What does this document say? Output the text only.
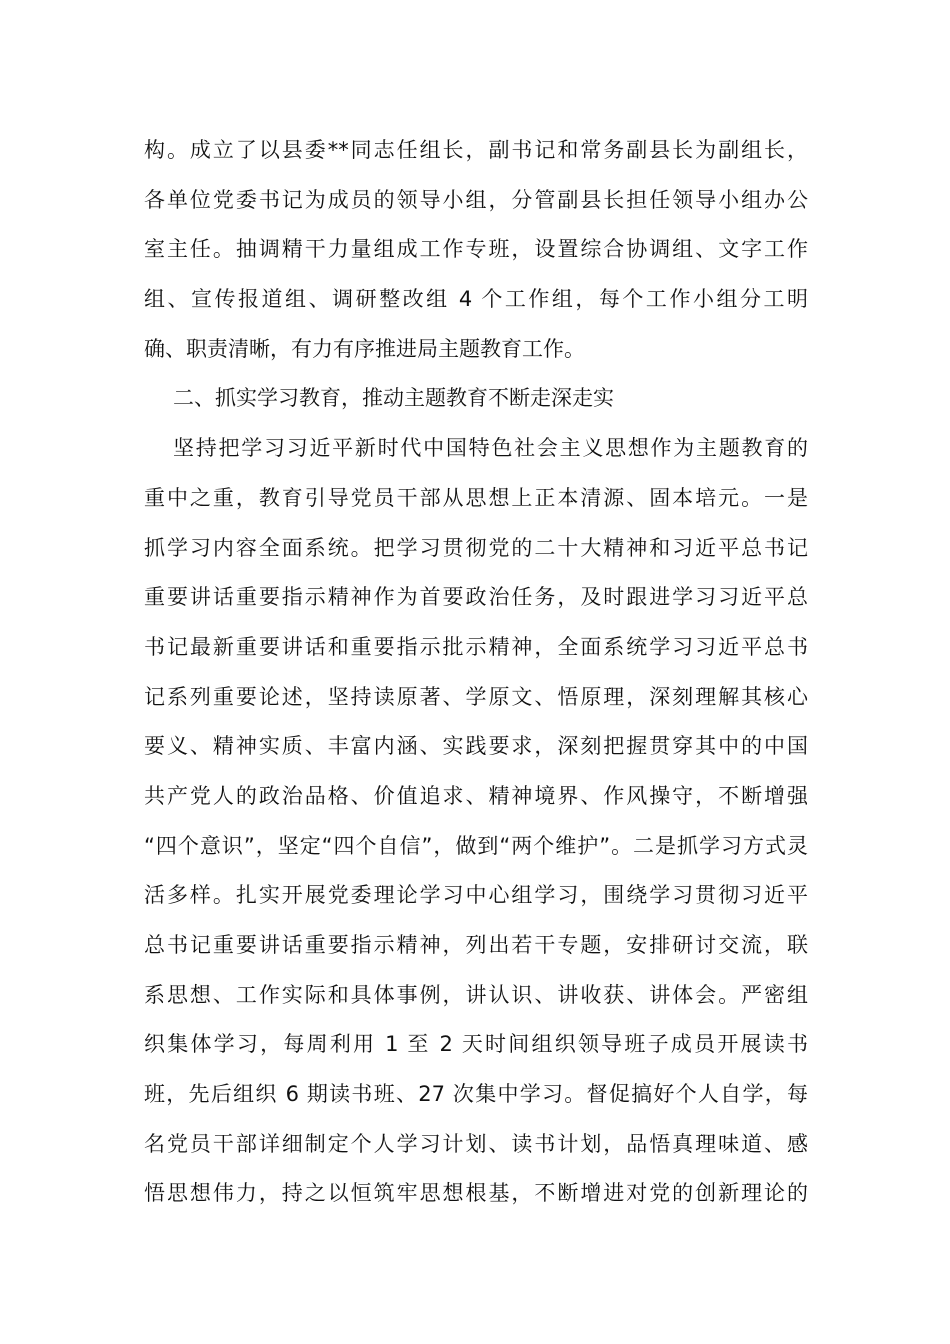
构。成立了以县委**同志任组长，副书记和常务副县长为副组长，
各单位党委书记为成员的领导小组，分管副县长担任领导小组办公
室主任。抽调精干力量组成工作专班，设置综合协调组、文字工作
组、宣传报道组、调研整改组 4 个工作组，每个工作小组分工明
确、职责清晰，有力有序推进局主题教育工作。
二、抓实学习教育，推动主题教育不断走深走实
坚持把学习习近平新时代中国特色社会主义思想作为主题教育的
重中之重，教育引导党员干部从思想上正本清源、固本培元。一是
抓学习内容全面系统。把学习贯彻党的二十大精神和习近平总书记
重要讲话重要指示精神作为首要政治任务，及时跟进学习习近平总
书记最新重要讲话和重要指示批示精神，全面系统学习习近平总书
记系列重要论述，坚持读原著、学原文、悟原理，深刻理解其核心
要义、精神实质、丰富内涵、实践要求，深刻把握贯穿其中的中国
共产党人的政治品格、价值追求、精神境界、作风操守，不断增强
“四个意识”，坚定“四个自信”，做到“两个维护”。二是抓学习方式灵
活多样。扎实开展党委理论学习中心组学习，围绕学习贯彻习近平
总书记重要讲话重要指示精神，列出若干专题，安排研讨交流，联
系思想、工作实际和具体事例，讲认识、讲收获、讲体会。严密组
织集体学习，每周利用 1 至 2 天时间组织领导班子成员开展读书
班，先后组织 6 期读书班、27 次集中学习。督促搞好个人自学，每
名党员干部详细制定个人学习计划、读书计划，品悟真理味道、感
悟思想伟力，持之以恒筑牢思想根基，不断增进对党的创新理论的
